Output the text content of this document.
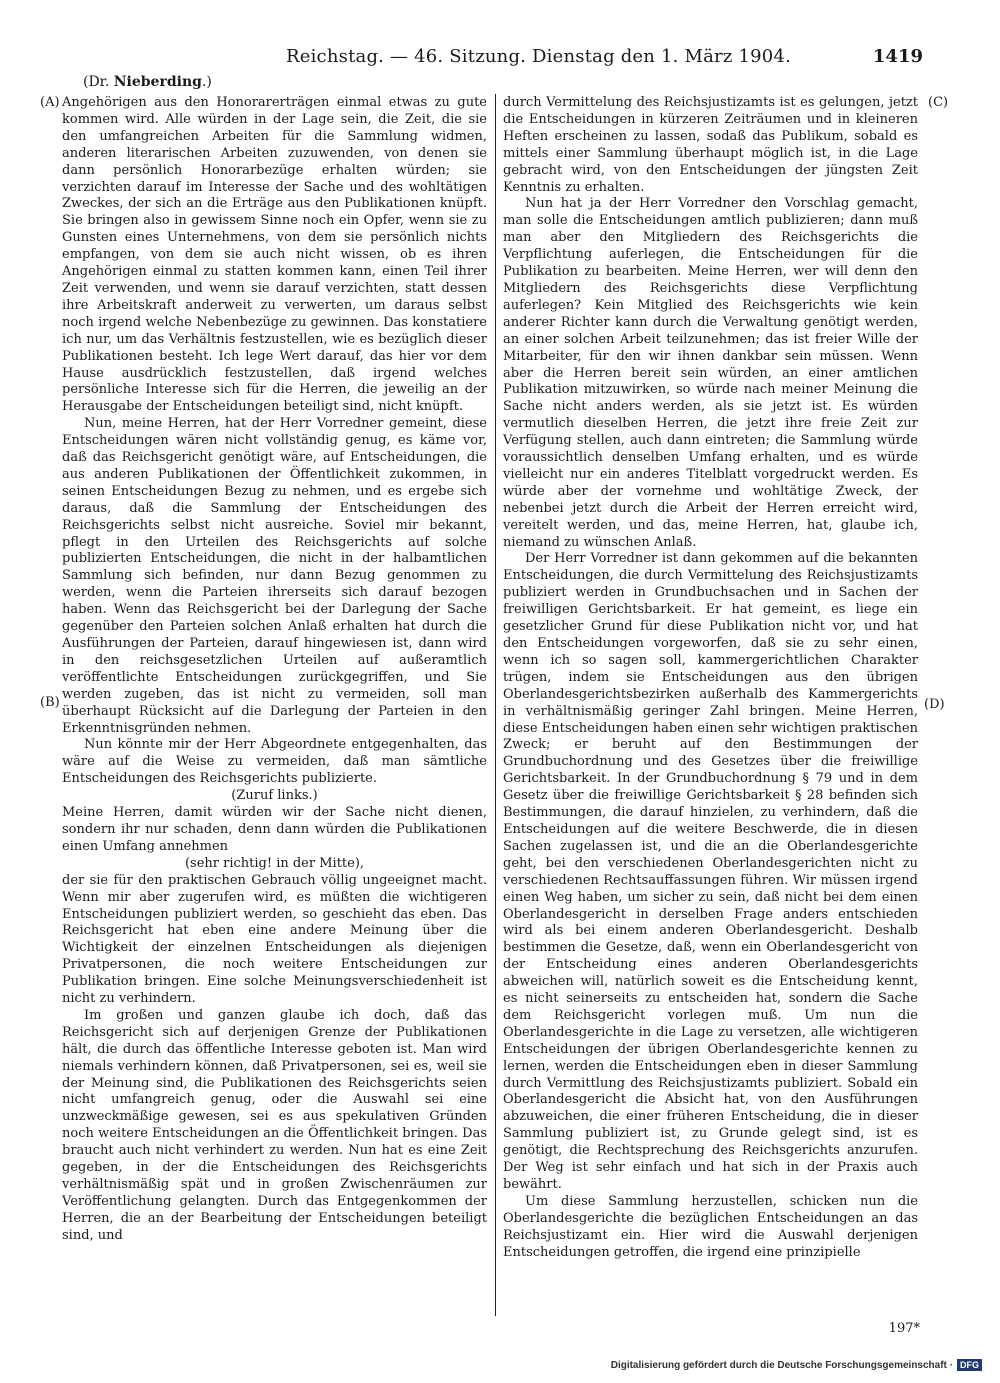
Reichstag. — 46. Sitzung. Dienstag den 1. März 1904.	1419
(Dr. Nieberding.)
(A)
(B)
(C)
(D)

Angehörigen aus den Honorarerträgen einmal etwas zu gute kommen wird. Alle würden in der Lage sein, die Zeit, die sie den umfangreichen Arbeiten für die Sammlung widmen, anderen literarischen Arbeiten zuzuwenden, von denen sie dann persönlich Honorarbezüge erhalten würden; sie verzichten darauf im Interesse der Sache und des wohltätigen Zweckes, der sich an die Erträge aus den Publikationen knüpft. Sie bringen also in gewissem Sinne noch ein Opfer, wenn sie zu Gunsten eines Unternehmens, von dem sie persönlich nichts empfangen, von dem sie auch nicht wissen, ob es ihren Angehörigen einmal zu statten kommen kann, einen Teil ihrer Zeit verwenden, und wenn sie darauf verzichten, statt dessen ihre Arbeitskraft anderweit zu verwerten, um daraus selbst noch irgend welche Nebenbezüge zu gewinnen. Das konstatiere ich nur, um das Verhältnis festzustellen, wie es bezüglich dieser Publikationen besteht. Ich lege Wert darauf, das hier vor dem Hause ausdrücklich festzustellen, daß irgend welches persönliche Interesse sich für die Herren, die jeweilig an der Herausgabe der Entscheidungen beteiligt sind, nicht knüpft.

Nun, meine Herren, hat der Herr Vorredner gemeint, diese Entscheidungen wären nicht vollständig genug, es käme vor, daß das Reichsgericht genötigt wäre, auf Entscheidungen, die aus anderen Publikationen der Öffentlichkeit zukommen, in seinen Entscheidungen Bezug zu nehmen, und es ergebe sich daraus, daß die Sammlung der Entscheidungen des Reichsgerichts selbst nicht ausreiche. Soviel mir bekannt, pflegt in den Urteilen des Reichsgerichts auf solche publizierten Entscheidungen, die nicht in der halbamtlichen Sammlung sich befinden, nur dann Bezug genommen zu werden, wenn die Parteien ihrerseits sich darauf bezogen haben. Wenn das Reichsgericht bei der Darlegung der Sache gegenüber den Parteien solchen Anlaß erhalten hat durch die Ausführungen der Parteien, darauf hingewiesen ist, dann wird in den reichsgesetzlichen Urteilen auf außeramtlich veröffentlichte Entscheidungen zurückgegriffen, und Sie werden zugeben, das ist nicht zu vermeiden, soll man überhaupt Rücksicht auf die Darlegung der Parteien in den Erkenntnisgründen nehmen.

Nun könnte mir der Herr Abgeordnete entgegenhalten, das wäre auf die Weise zu vermeiden, daß man sämtliche Entscheidungen des Reichsgerichts publizierte.

(Zuruf links.)

Meine Herren, damit würden wir der Sache nicht dienen, sondern ihr nur schaden, denn dann würden die Publikationen einen Umfang annehmen

(sehr richtig! in der Mitte),

der sie für den praktischen Gebrauch völlig ungeeignet macht. Wenn mir aber zugerufen wird, es müßten die wichtigeren Entscheidungen publiziert werden, so geschieht das eben. Das Reichsgericht hat eben eine andere Meinung über die Wichtigkeit der einzelnen Entscheidungen als diejenigen Privatpersonen, die noch weitere Entscheidungen zur Publikation bringen. Eine solche Meinungsverschiedenheit ist nicht zu verhindern.

Im großen und ganzen glaube ich doch, daß das Reichsgericht sich auf derjenigen Grenze der Publikationen hält, die durch das öffentliche Interesse geboten ist. Man wird niemals verhindern können, daß Privatpersonen, sei es, weil sie der Meinung sind, die Publikationen des Reichsgerichts seien nicht umfangreich genug, oder die Auswahl sei eine unzweckmäßige gewesen, sei es aus spekulativen Gründen noch weitere Entscheidungen an die Öffentlichkeit bringen. Das braucht auch nicht verhindert zu werden. Nun hat es eine Zeit gegeben, in der die Entscheidungen des Reichsgerichts verhältnismäßig spät und in großen Zwischenräumen zur Veröffentlichung gelangten. Durch das Entgegenkommen der Herren, die an der Bearbeitung der Entscheidungen beteiligt sind, und

durch Vermittelung des Reichsjustizamts ist es gelungen, jetzt die Entscheidungen in kürzeren Zeiträumen und in kleineren Heften erscheinen zu lassen, sodaß das Publikum, sobald es mittels einer Sammlung überhaupt möglich ist, in die Lage gebracht wird, von den Entscheidungen der jüngsten Zeit Kenntnis zu erhalten.

Nun hat ja der Herr Vorredner den Vorschlag gemacht, man solle die Entscheidungen amtlich publizieren; dann muß man aber den Mitgliedern des Reichsgerichts die Verpflichtung auferlegen, die Entscheidungen für die Publikation zu bearbeiten. Meine Herren, wer will denn den Mitgliedern des Reichsgerichts diese Verpflichtung auferlegen? Kein Mitglied des Reichsgerichts wie kein anderer Richter kann durch die Verwaltung genötigt werden, an einer solchen Arbeit teilzunehmen; das ist freier Wille der Mitarbeiter, für den wir ihnen dankbar sein müssen. Wenn aber die Herren bereit sein würden, an einer amtlichen Publikation mitzuwirken, so würde nach meiner Meinung die Sache nicht anders werden, als sie jetzt ist. Es würden vermutlich dieselben Herren, die jetzt ihre freie Zeit zur Verfügung stellen, auch dann eintreten; die Sammlung würde voraussichtlich denselben Umfang erhalten, und es würde vielleicht nur ein anderes Titelblatt vorgedruckt werden. Es würde aber der vornehme und wohltätige Zweck, der nebenbei jetzt durch die Arbeit der Herren erreicht wird, vereitelt werden, und das, meine Herren, hat, glaube ich, niemand zu wünschen Anlaß.

Der Herr Vorredner ist dann gekommen auf die bekannten Entscheidungen, die durch Vermittelung des Reichsjustizamts publiziert werden in Grundbuchsachen und in Sachen der freiwilligen Gerichtsbarkeit. Er hat gemeint, es liege ein gesetzlicher Grund für diese Publikation nicht vor, und hat den Entscheidungen vorgeworfen, daß sie zu sehr einen, wenn ich so sagen soll, kammergerichtlichen Charakter trügen, indem sie Entscheidungen aus den übrigen Oberlandesgerichtsbezirken außerhalb des Kammergerichts in verhältnismäßig geringer Zahl bringen. Meine Herren, diese Entscheidungen haben einen sehr wichtigen praktischen Zweck; er beruht auf den Bestimmungen der Grundbuchordnung und des Gesetzes über die freiwillige Gerichtsbarkeit. In der Grundbuchordnung § 79 und in dem Gesetz über die freiwillige Gerichtsbarkeit § 28 befinden sich Bestimmungen, die darauf hinzielen, zu verhindern, daß die Entscheidungen auf die weitere Beschwerde, die in diesen Sachen zugelassen ist, und die an die Oberlandesgerichte geht, bei den verschiedenen Oberlandesgerichten nicht zu verschiedenen Rechtsauffassungen führen. Wir müssen irgend einen Weg haben, um sicher zu sein, daß nicht bei dem einen Oberlandesgericht in derselben Frage anders entschieden wird als bei einem anderen Oberlandesgericht. Deshalb bestimmen die Gesetze, daß, wenn ein Oberlandesgericht von der Entscheidung eines anderen Oberlandesgerichts abweichen will, natürlich soweit es die Entscheidung kennt, es nicht seinerseits zu entscheiden hat, sondern die Sache dem Reichsgericht vorlegen muß. Um nun die Oberlandesgerichte in die Lage zu versetzen, alle wichtigeren Entscheidungen der übrigen Oberlandesgerichte kennen zu lernen, werden die Entscheidungen eben in dieser Sammlung durch Vermittlung des Reichsjustizamts publiziert. Sobald ein Oberlandesgericht die Absicht hat, von den Ausführungen abzuweichen, die einer früheren Entscheidung, die in dieser Sammlung publiziert ist, zu Grunde gelegt sind, ist es genötigt, die Rechtsprechung des Reichsgerichts anzurufen. Der Weg ist sehr einfach und hat sich in der Praxis auch bewährt.

Um diese Sammlung herzustellen, schicken nun die Oberlandesgerichte die bezüglichen Entscheidungen an das Reichsjustizamt ein. Hier wird die Auswahl derjenigen Entscheidungen getroffen, die irgend eine prinzipielle

197*
Digitalisierung gefördert durch die Deutsche Forschungsgemeinschaft · DFG
